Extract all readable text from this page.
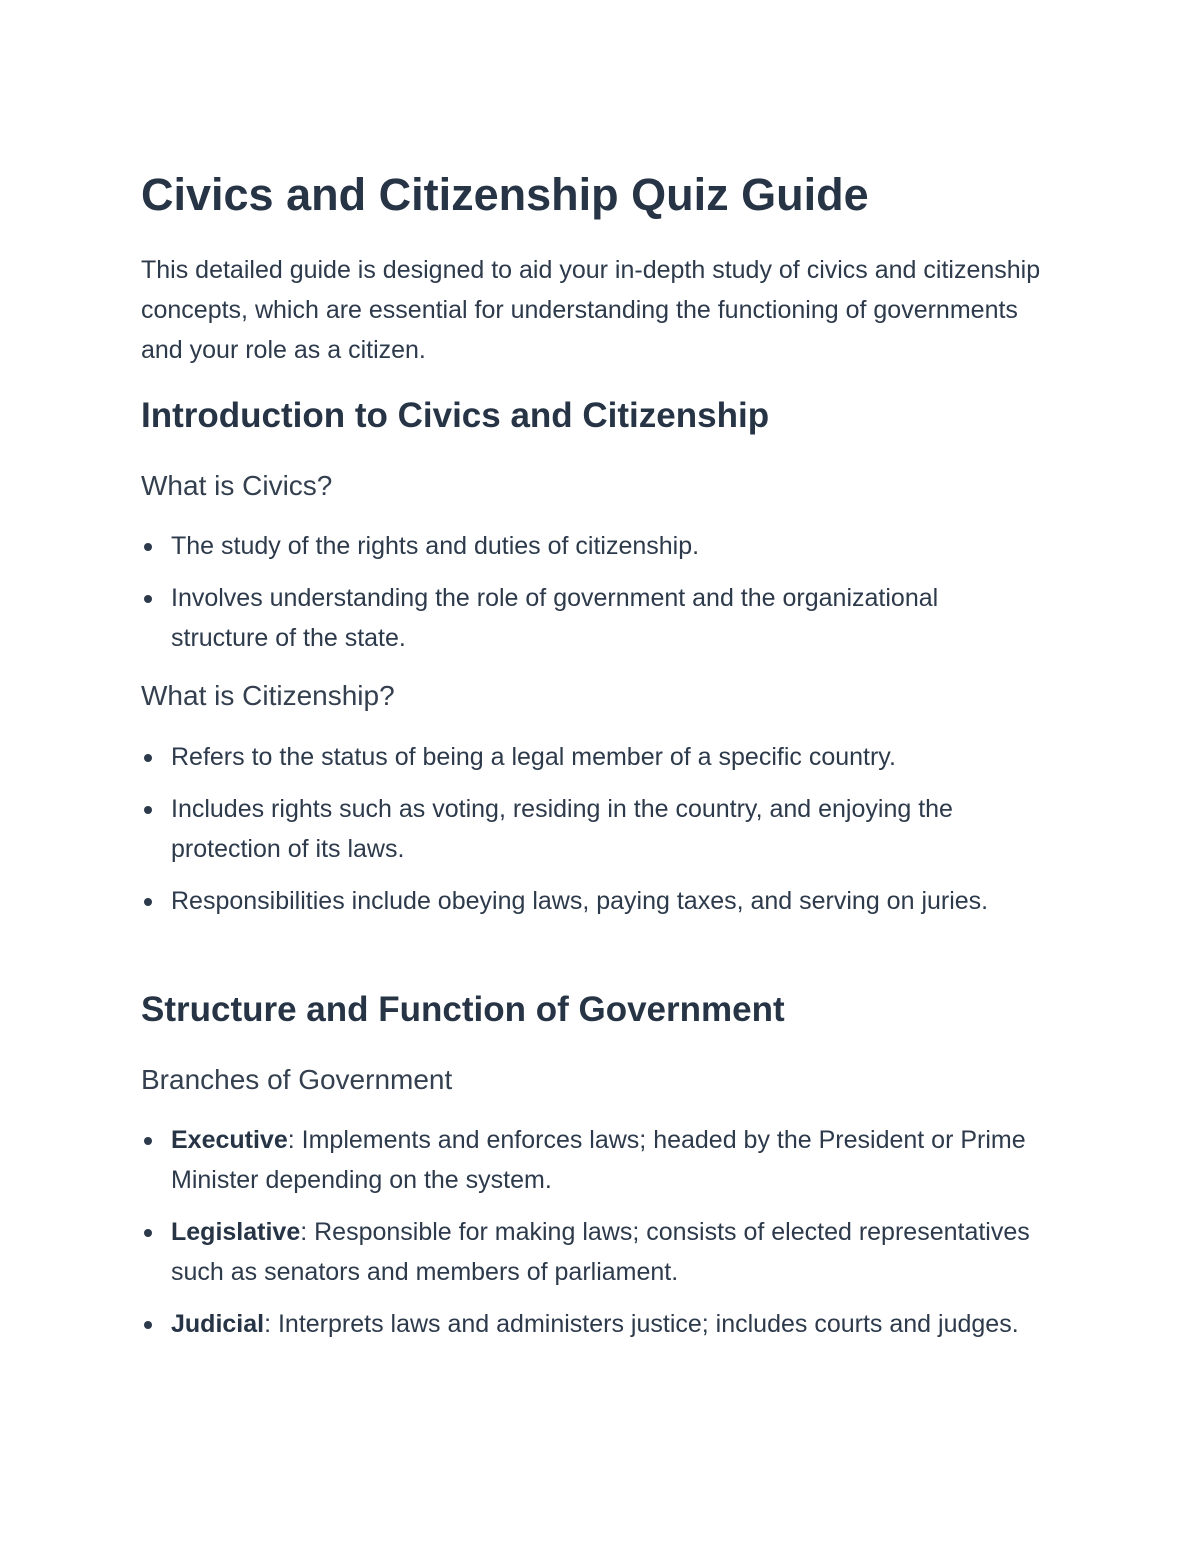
Civics and Citizenship Quiz Guide

This detailed guide is designed to aid your in-depth study of civics and citizenship concepts, which are essential for understanding the functioning of governments and your role as a citizen.

Introduction to Civics and Citizenship
What is Civics?
The study of the rights and duties of citizenship.
Involves understanding the role of government and the organizational structure of the state.
What is Citizenship?
Refers to the status of being a legal member of a specific country.
Includes rights such as voting, residing in the country, and enjoying the protection of its laws.
Responsibilities include obeying laws, paying taxes, and serving on juries.
Structure and Function of Government
Branches of Government
Executive: Implements and enforces laws; headed by the President or Prime Minister depending on the system.
Legislative: Responsible for making laws; consists of elected representatives such as senators and members of parliament.
Judicial: Interprets laws and administers justice; includes courts and judges.
